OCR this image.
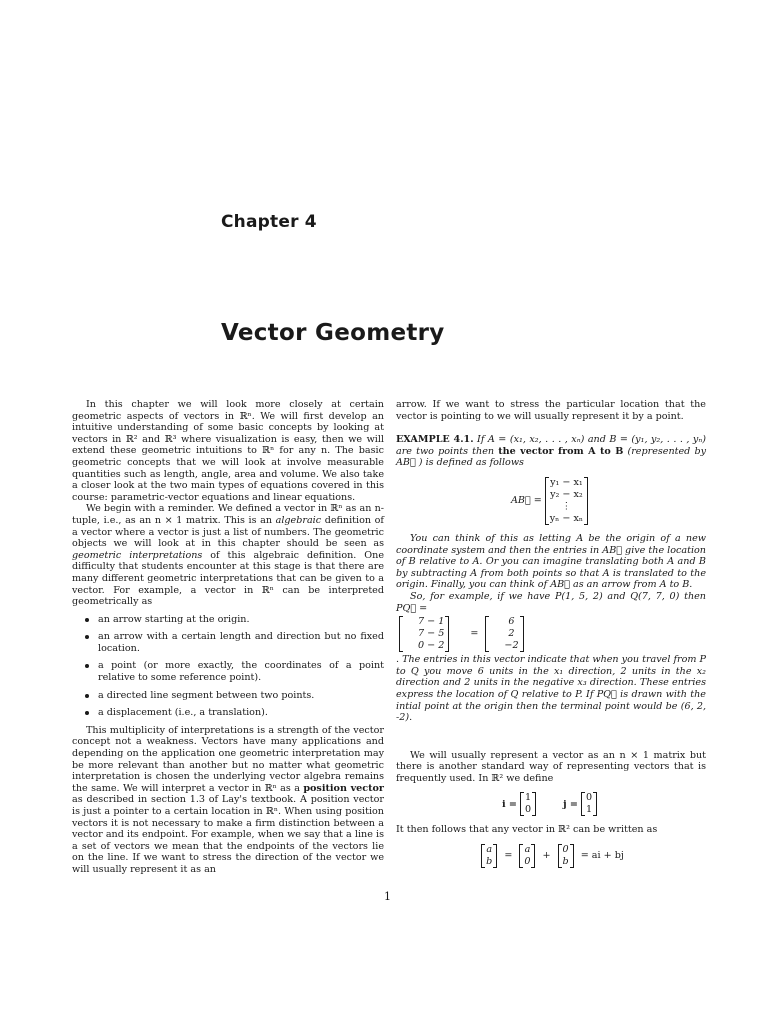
Chapter 4
Vector Geometry

In this chapter we will look more closely at certain geometric aspects of vectors in ℝⁿ. We will first develop an intuitive understanding of some basic concepts by looking at vectors in ℝ² and ℝ³ where visualization is easy, then we will extend these geometric intuitions to ℝⁿ for any n. The basic geometric concepts that we will look at involve measurable quantities such as length, angle, area and volume. We also take a closer look at the two main types of equations covered in this course: parametric-vector equations and linear equations.

We begin with a reminder. We defined a vector in ℝⁿ as an n-tuple, i.e., as an n × 1 matrix. This is an algebraic definition of a vector where a vector is just a list of numbers. The geometric objects we will look at in this chapter should be seen as geometric interpretations of this algebraic definition. One difficulty that students encounter at this stage is that there are many different geometric interpretations that can be given to a vector. For example, a vector in ℝⁿ can be interpreted geometrically as

an arrow starting at the origin.
an arrow with a certain length and direction but no fixed location.
a point (or more exactly, the coordinates of a point relative to some reference point).
a directed line segment between two points.
a displacement (i.e., a translation).

This multiplicity of interpretations is a strength of the vector concept not a weakness. Vectors have many applications and depending on the application one geometric interpretation may be more relevant than another but no matter what geometric interpretation is chosen the underlying vector algebra remains the same. We will interpret a vector in ℝⁿ as a position vector as described in section 1.3 of Lay's textbook. A position vector is just a pointer to a certain location in ℝⁿ. When using position vectors it is not necessary to make a firm distinction between a vector and its endpoint. For example, when we say that a line is a set of vectors we mean that the endpoints of the vectors lie on the line. If we want to stress the direction of the vector we will usually represent it as an

arrow. If we want to stress the particular location that the vector is pointing to we will usually represent it by a point.

EXAMPLE 4.1. If A = (x₁, x₂, . . . , xₙ) and B = (y₁, y₂, . . . , yₙ) are two points then the vector from A to B (represented by AB⃗ ) is defined as follows

AB⃗ =
y₁ − x₁
y₂ − x₂
⋮
yₙ − xₙ

You can think of this as letting A be the origin of a new coordinate system and then the entries in AB⃗ give the location of B relative to A. Or you can imagine translating both A and B by subtracting A from both points so that A is translated to the origin. Finally, you can think of AB⃗ as an arrow from A to B.

So, for example, if we have P(1, 5, 2) and Q(7, 7, 0) then PQ⃗ =
7 − 1
7 − 5
0 − 2
=
6
2
−2
. The entries in this vector indicate that when you travel from P to Q you move 6 units in the x₁ direction, 2 units in the x₂ direction and 2 units in the negative x₃ direction. These entries express the location of Q relative to P. If PQ⃗ is drawn with the intial point at the origin then the terminal point would be (6, 2, -2).

We will usually represent a vector as an n × 1 matrix but there is another standard way of representing vectors that is frequently used. In ℝ² we define

i =
1
0
j =
0
1

It then follows that any vector in ℝ² can be written as

a
b
=
a
0
+
0
b
= ai + bj
1
